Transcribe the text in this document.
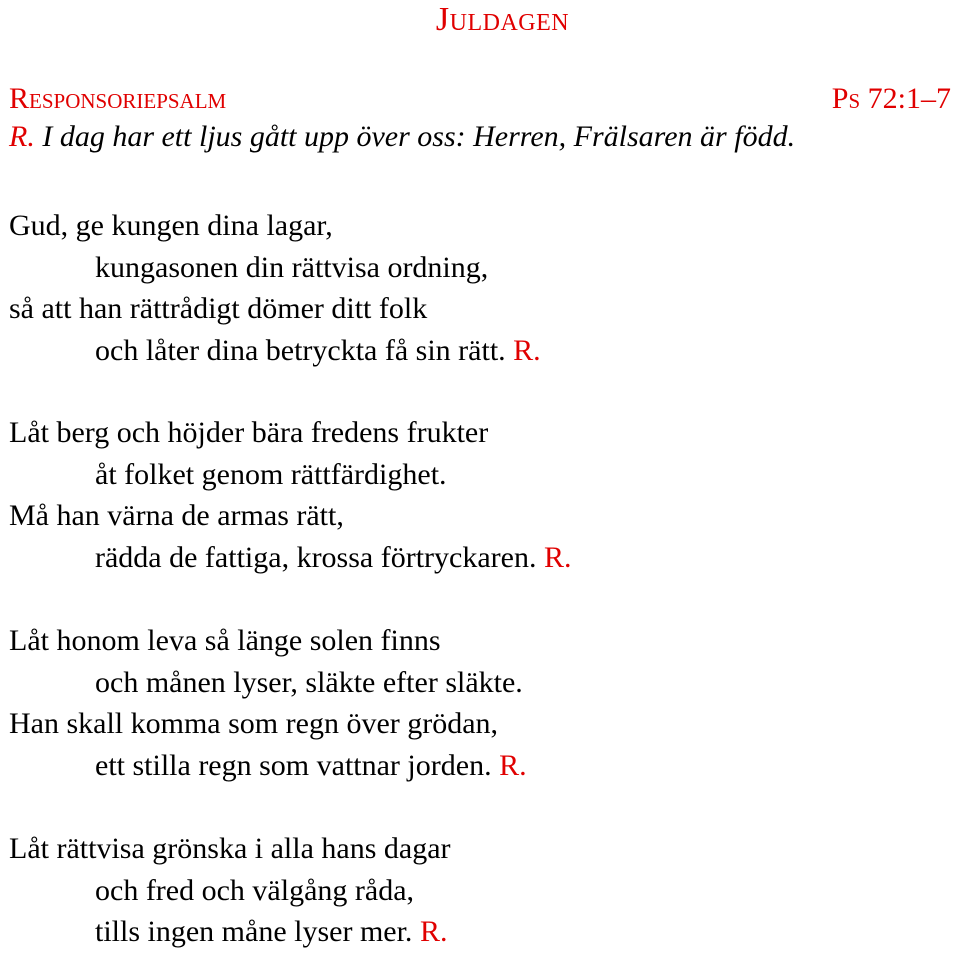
Juldagen
Responsoriepsalm	Ps 72:1–7
R. I dag har ett ljus gått upp över oss: Herren, Frälsaren är född.
Gud, ge kungen dina lagar,
kungasonen din rättvisa ordning,
så att han rättrådigt dömer ditt folk
och låter dina betryckta få sin rätt. R.
Låt berg och höjder bära fredens frukter
åt folket genom rättfärdighet.
Må han värna de armas rätt,
rädda de fattiga, krossa förtryckaren. R.
Låt honom leva så länge solen finns
och månen lyser, släkte efter släkte.
Han skall komma som regn över grödan,
ett stilla regn som vattnar jorden. R.
Låt rättvisa grönska i alla hans dagar
och fred och välgång råda,
tills ingen måne lyser mer. R.
